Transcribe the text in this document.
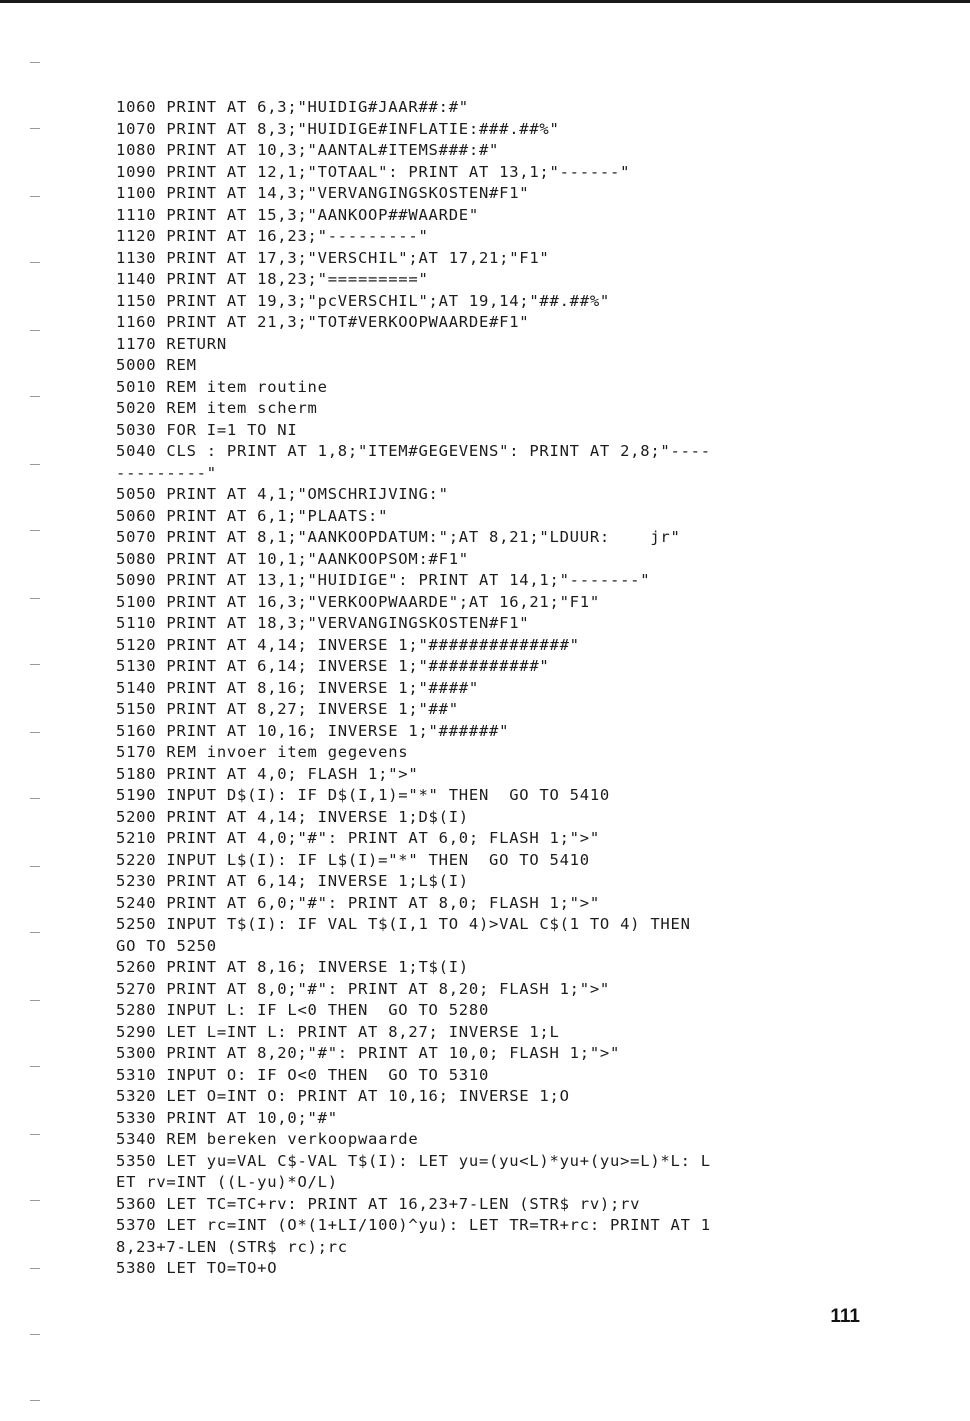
1060 PRINT AT 6,3;"HUIDIG#JAAR##:#"
1070 PRINT AT 8,3;"HUIDIGE#INFLATIE:###.##%"
1080 PRINT AT 10,3;"AANTAL#ITEMS###:#"
1090 PRINT AT 12,1;"TOTAAL": PRINT AT 13,1;"------"
1100 PRINT AT 14,3;"VERVANGINGSKOSTEN#F1"
1110 PRINT AT 15,3;"AANKOOP##WAARDE"
1120 PRINT AT 16,23;"---------"
1130 PRINT AT 17,3;"VERSCHIL";AT 17,21;"F1"
1140 PRINT AT 18,23;"========="
1150 PRINT AT 19,3;"pcVERSCHIL";AT 19,14;"##.##%"
1160 PRINT AT 21,3;"TOT#VERKOOPWAARDE#F1"
1170 RETURN
5000 REM
5010 REM item routine
5020 REM item scherm
5030 FOR I=1 TO NI
5040 CLS : PRINT AT 1,8;"ITEM#GEGEVENS": PRINT AT 2,8;"----
---------"
5050 PRINT AT 4,1;"OMSCHRIJVING:"
5060 PRINT AT 6,1;"PLAATS:"
5070 PRINT AT 8,1;"AANKOOPDATUM:";AT 8,21;"LDUUR:    jr"
5080 PRINT AT 10,1;"AANKOOPSOM:#F1"
5090 PRINT AT 13,1;"HUIDIGE": PRINT AT 14,1;"-------"
5100 PRINT AT 16,3;"VERKOOPWAARDE";AT 16,21;"F1"
5110 PRINT AT 18,3;"VERVANGINGSKOSTEN#F1"
5120 PRINT AT 4,14; INVERSE 1;"##############"
5130 PRINT AT 6,14; INVERSE 1;"###########"
5140 PRINT AT 8,16; INVERSE 1;"####"
5150 PRINT AT 8,27; INVERSE 1;"##"
5160 PRINT AT 10,16; INVERSE 1;"######"
5170 REM invoer item gegevens
5180 PRINT AT 4,0; FLASH 1;">"
5190 INPUT D$(I): IF D$(I,1)="*" THEN  GO TO 5410
5200 PRINT AT 4,14; INVERSE 1;D$(I)
5210 PRINT AT 4,0;"#": PRINT AT 6,0; FLASH 1;">"
5220 INPUT L$(I): IF L$(I)="*" THEN  GO TO 5410
5230 PRINT AT 6,14; INVERSE 1;L$(I)
5240 PRINT AT 6,0;"#": PRINT AT 8,0; FLASH 1;">"
5250 INPUT T$(I): IF VAL T$(I,1 TO 4)>VAL C$(1 TO 4) THEN
GO TO 5250
5260 PRINT AT 8,16; INVERSE 1;T$(I)
5270 PRINT AT 8,0;"#": PRINT AT 8,20; FLASH 1;">"
5280 INPUT L: IF L<0 THEN  GO TO 5280
5290 LET L=INT L: PRINT AT 8,27; INVERSE 1;L
5300 PRINT AT 8,20;"#": PRINT AT 10,0; FLASH 1;">"
5310 INPUT O: IF O<0 THEN  GO TO 5310
5320 LET O=INT O: PRINT AT 10,16; INVERSE 1;O
5330 PRINT AT 10,0;"#"
5340 REM bereken verkoopwaarde
5350 LET yu=VAL C$-VAL T$(I): LET yu=(yu<L)*yu+(yu>=L)*L: L
ET rv=INT ((L-yu)*O/L)
5360 LET TC=TC+rv: PRINT AT 16,23+7-LEN (STR$ rv);rv
5370 LET rc=INT (O*(1+LI/100)^yu): LET TR=TR+rc: PRINT AT 1
8,23+7-LEN (STR$ rc);rc
5380 LET TO=TO+O
111
